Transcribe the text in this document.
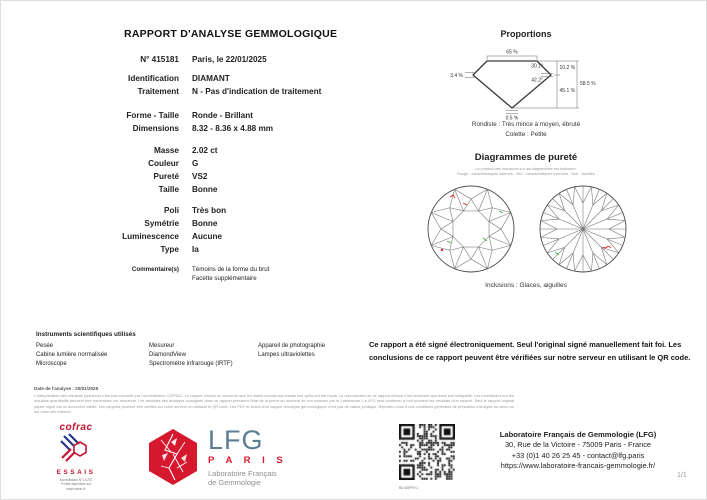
RAPPORT D'ANALYSE GEMMOLOGIQUE
N° 415181 Paris, le 22/01/2025
Identification DIAMANT
Traitement N - Pas d'indication de traitement
Forme - Taille Ronde - Brillant
Dimensions 8.32 - 8.36 x 4.88 mm
Masse 2.02 ct
Couleur G
Pureté VS2
Taille Bonne
Poli Très bon
Symétrie Bonne
Luminescence Aucune
Type Ia
Commentaire(s) Témoins de la forme du brut
Facette supplémentaire
Proportions
65 %
3.4 %
30.1°
42.2°
10.2 %
45.1 %
58.5 %
0.5 %
Rondiste : Très mince à moyen, ébruté
Colette : Petite
Diagrammes de pureté
La position des inclusions sur les diagrammes est indicative.
Rouge : caractéristiques internes - Vert : caractéristiques externes - Noir : facettes
Inclusions : Glaces, aiguilles
Instruments scientifiques utilisés
Pesée
Cabine lumière normalisée
Microscope
Mesureur
DiamondView
Spectromètre infrarouge (IRTF)
Appareil de photographie
Lampes ultraviolettes
Ce rapport a été signé électroniquement. Seul l'original signé manuellement fait foi. Les conclusions de ce rapport peuvent être vérifiées sur notre serveur en utilisant le QR code.
Date de l'analyse : 20/01/2025
L'interprétation des résultats (opinions) n'est pas couverte par l'accréditation COFRAC. Le rapport d'essai ne concerne que les objets soumis aux essais tels qu'ils ont été reçus. La reproduction de ce rapport d'essai n'est autorisée que dans son intégralité. Les incertitudes sur les résultats quantitatifs peuvent être transmises sur demande. Les résultats des analyses consignés dans ce rapport précisent l'état de la pierre au moment de son examen par le Laboratoire. Le LFG peut confirmer à tout moment les résultats d'un rapport. Seul le rapport original papier signé est un document valide. Les rapports peuvent être vérifiés sur notre serveur en utilisant le QR code. Les PDF et scans d'un rapport d'analyse gemmologique n'ont pas de valeur juridique. Reportez-vous à nos conditions générales de prestation d'analyse au verso ou sur notre site internet.
cofrac
ESSAIS
Accréditation N°1-6767
Portée disponible sur
www.cofrac.fr
LFG
P A R I S
Laboratoire Français
de Gemmologie
BD-W2PRY-1
Laboratoire Français de Gemmologie (LFG)
30, Rue de la Victoire - 75009 Paris - France
+33 (0)1 40 26 25 45 - contact@lfg.paris
https://www.laboratoire-francais-gemmologie.fr/
1/1
